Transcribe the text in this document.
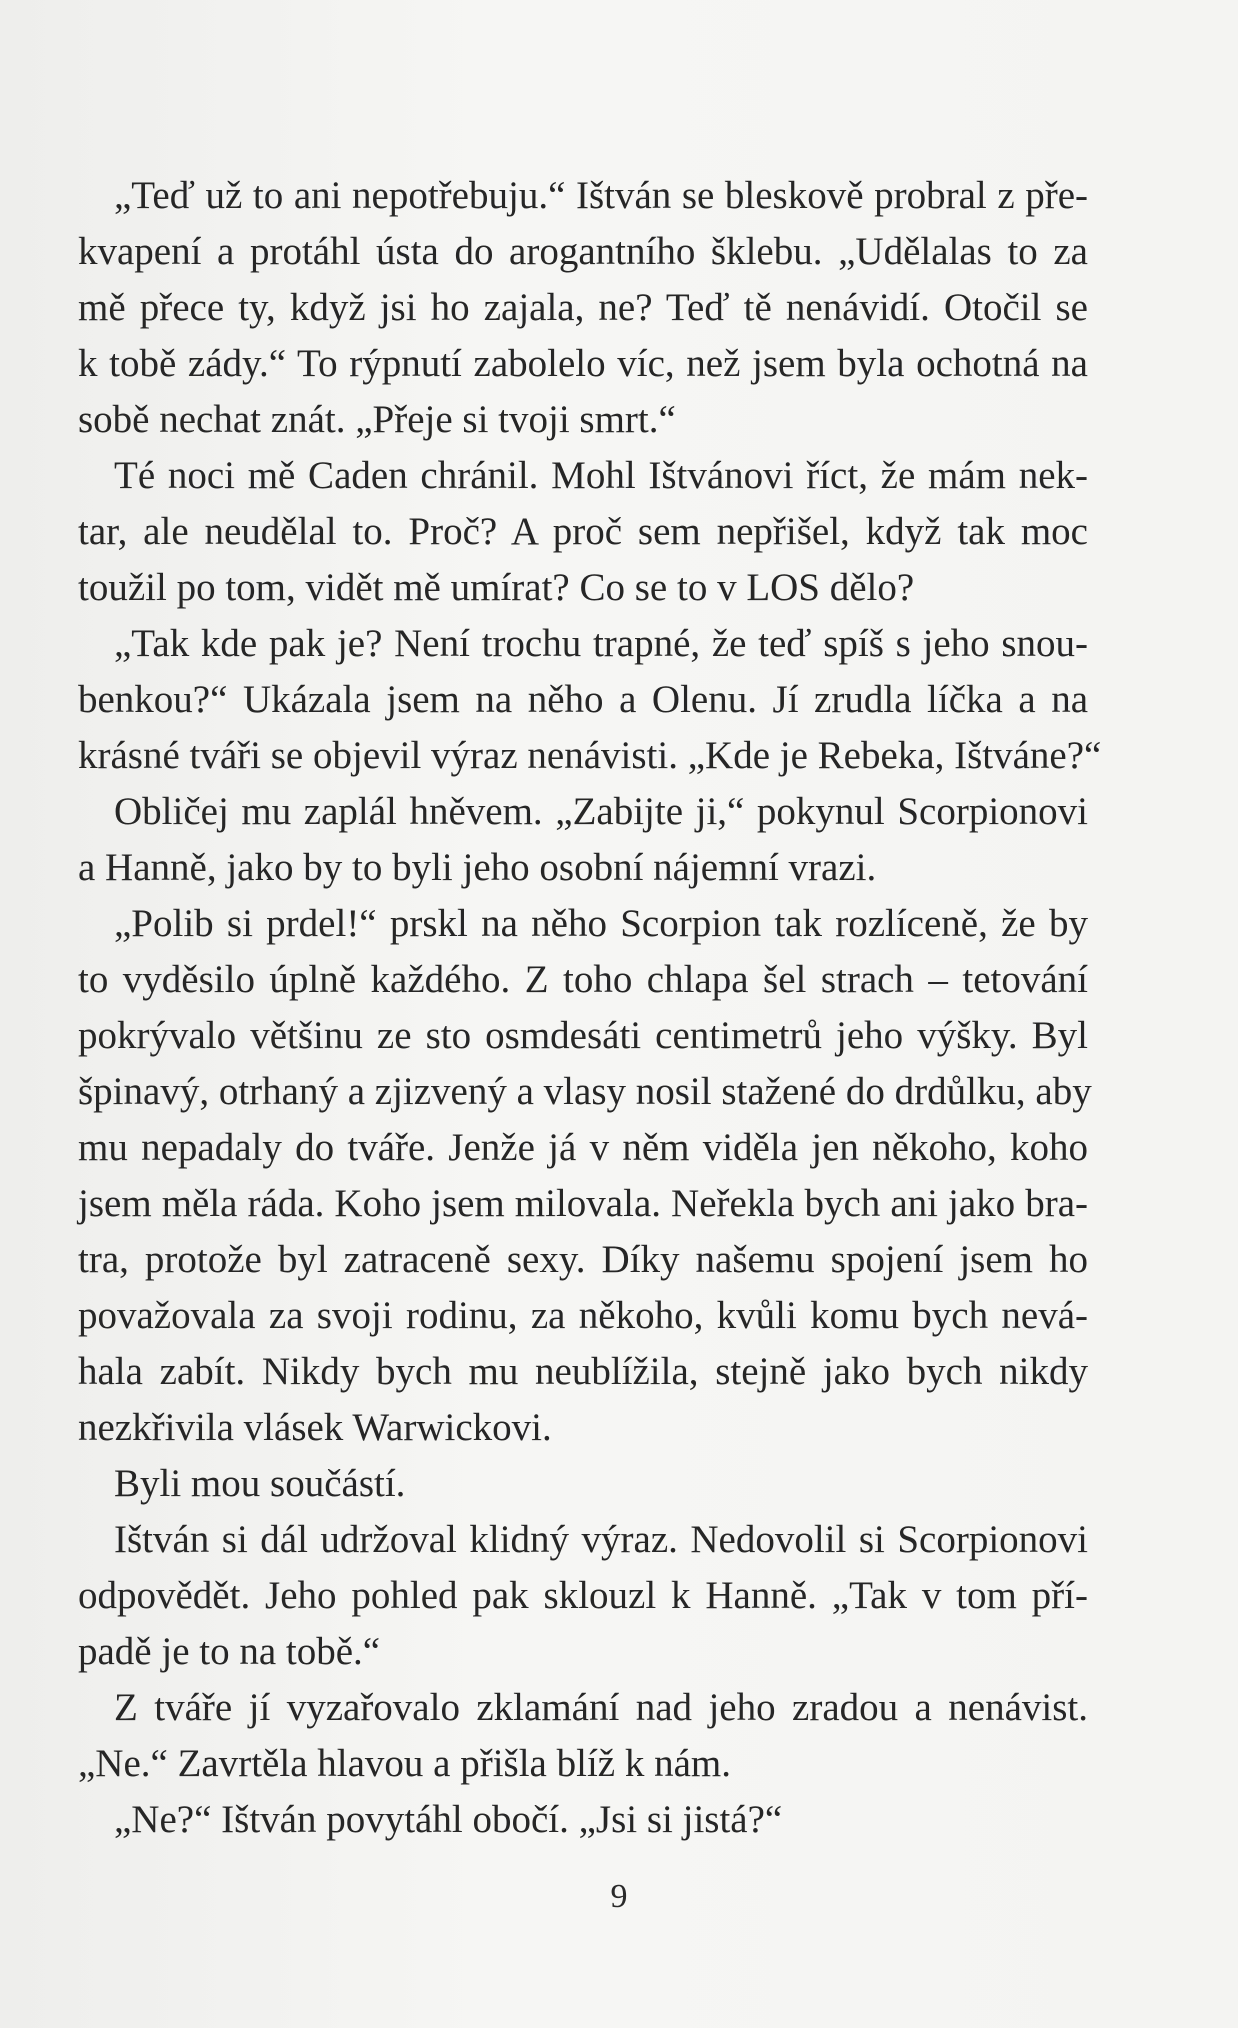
„Teď už to ani nepotřebuju.“ Ištván se bleskově probral z pře-
kvapení a protáhl ústa do arogantního šklebu. „Udělalas to za
mě přece ty, když jsi ho zajala, ne? Teď tě nenávidí. Otočil se
k tobě zády.“ To rýpnutí zabolelo víc, než jsem byla ochotná na
sobě nechat znát. „Přeje si tvoji smrt.“
Té noci mě Caden chránil. Mohl Ištvánovi říct, že mám nek-
tar, ale neudělal to. Proč? A proč sem nepřišel, když tak moc
toužil po tom, vidět mě umírat? Co se to v LOS dělo?
„Tak kde pak je? Není trochu trapné, že teď spíš s jeho snou-
benkou?“ Ukázala jsem na něho a Olenu. Jí zrudla líčka a na
krásné tváři se objevil výraz nenávisti. „Kde je Rebeka, Ištváne?“
Obličej mu zaplál hněvem. „Zabijte ji,“ pokynul Scorpionovi
a Hanně, jako by to byli jeho osobní nájemní vrazi.
„Polib si prdel!“ prskl na něho Scorpion tak rozlíceně, že by
to vyděsilo úplně každého. Z toho chlapa šel strach – tetování
pokrývalo většinu ze sto osmdesáti centimetrů jeho výšky. Byl
špinavý, otrhaný a zjizvený a vlasy nosil stažené do drdůlku, aby
mu nepadaly do tváře. Jenže já v něm viděla jen někoho, koho
jsem měla ráda. Koho jsem milovala. Neřekla bych ani jako bra-
tra, protože byl zatraceně sexy. Díky našemu spojení jsem ho
považovala za svoji rodinu, za někoho, kvůli komu bych nevá-
hala zabít. Nikdy bych mu neublížila, stejně jako bych nikdy
nezkřivila vlásek Warwickovi.
Byli mou součástí.
Ištván si dál udržoval klidný výraz. Nedovolil si Scorpionovi
odpovědět. Jeho pohled pak sklouzl k Hanně. „Tak v tom pří-
padě je to na tobě.“
Z tváře jí vyzařovalo zklamání nad jeho zradou a nenávist.
„Ne.“ Zavrtěla hlavou a přišla blíž k nám.
„Ne?“ Ištván povytáhl obočí. „Jsi si jistá?“
9
